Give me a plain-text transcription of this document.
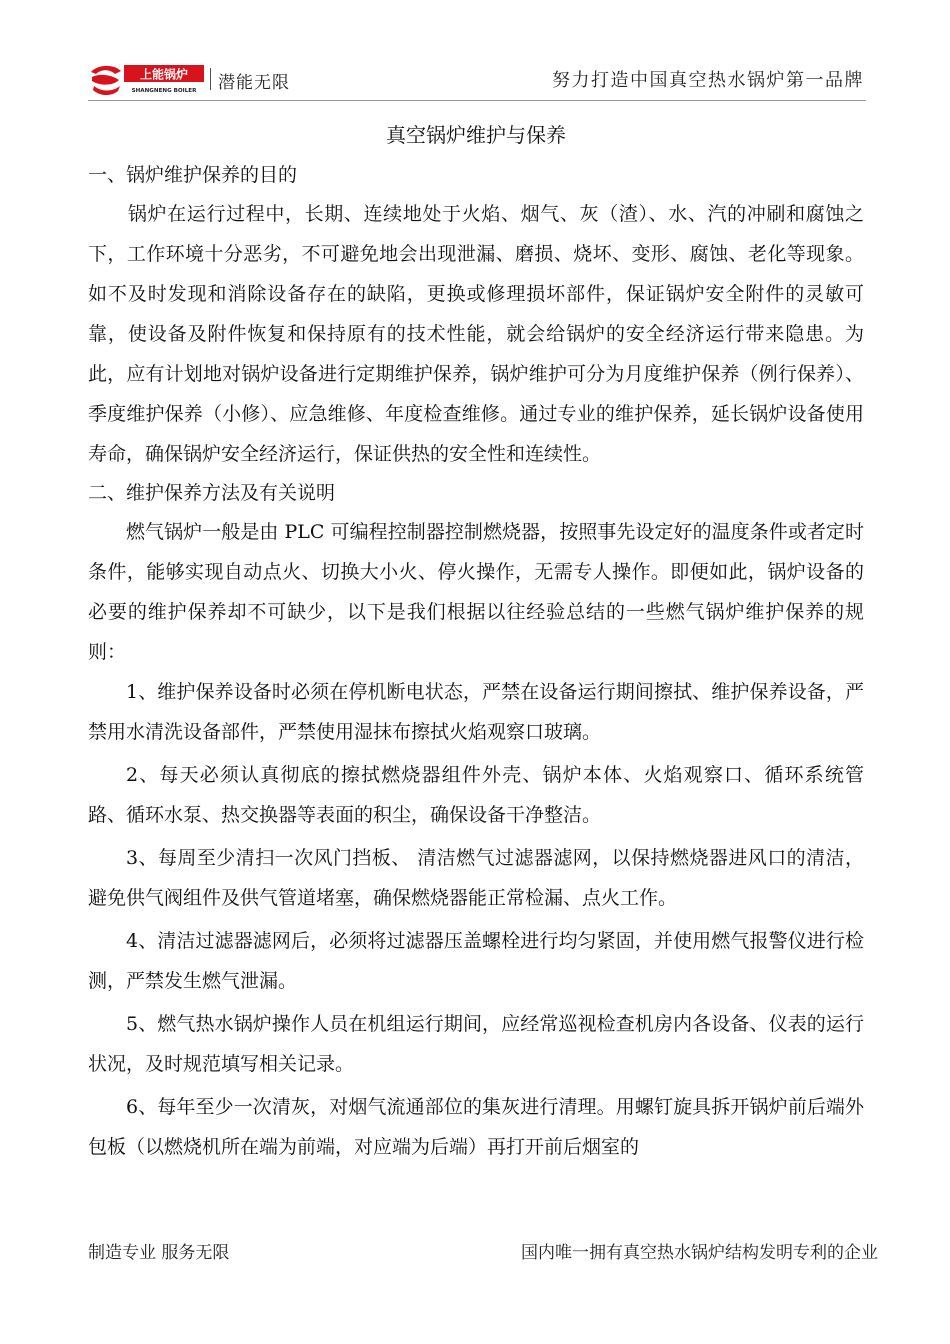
上能锅炉
SHANGNENG BOILER 潜能无限	努力打造中国真空热水锅炉第一品牌
真空锅炉维护与保养
一、锅炉维护保养的目的

锅炉在运行过程中，长期、连续地处于火焰、烟气、灰（渣）、水、汽的冲刷和腐蚀之下，工作环境十分恶劣，不可避免地会出现泄漏、磨损、烧坏、变形、腐蚀、老化等现象。如不及时发现和消除设备存在的缺陷，更换或修理损坏部件，保证锅炉安全附件的灵敏可靠，使设备及附件恢复和保持原有的技术性能，就会给锅炉的安全经济运行带来隐患。为此，应有计划地对锅炉设备进行定期维护保养，锅炉维护可分为月度维护保养（例行保养）、季度维护保养（小修）、应急维修、年度检查维修。通过专业的维护保养，延长锅炉设备使用寿命，确保锅炉安全经济运行，保证供热的安全性和连续性。

二、维护保养方法及有关说明

燃气锅炉一般是由 PLC 可编程控制器控制燃烧器，按照事先设定好的温度条件或者定时条件，能够实现自动点火、切换大小火、停火操作，无需专人操作。即便如此，锅炉设备的必要的维护保养却不可缺少，以下是我们根据以往经验总结的一些燃气锅炉维护保养的规则：

1、维护保养设备时必须在停机断电状态，严禁在设备运行期间擦拭、维护保养设备，严禁用水清洗设备部件，严禁使用湿抹布擦拭火焰观察口玻璃。

2、每天必须认真彻底的擦拭燃烧器组件外壳、锅炉本体、火焰观察口、循环系统管 路、循环水泵、热交换器等表面的积尘，确保设备干净整洁。

3、每周至少清扫一次风门挡板、 清洁燃气过滤器滤网，以保持燃烧器进风口的清洁，避免供气阀组件及供气管道堵塞，确保燃烧器能正常检漏、点火工作。

4、清洁过滤器滤网后，必须将过滤器压盖螺栓进行均匀紧固，并使用燃气报警仪进行检测，严禁发生燃气泄漏。

5、燃气热水锅炉操作人员在机组运行期间，应经常巡视检查机房内各设备、仪表的运行状况，及时规范填写相关记录。

6、每年至少一次清灰，对烟气流通部位的集灰进行清理。用螺钉旋具拆开锅炉前后端外包板（以燃烧机所在端为前端，对应端为后端）再打开前后烟室的

制造专业 服务无限	国内唯一拥有真空热水锅炉结构发明专利的企业
